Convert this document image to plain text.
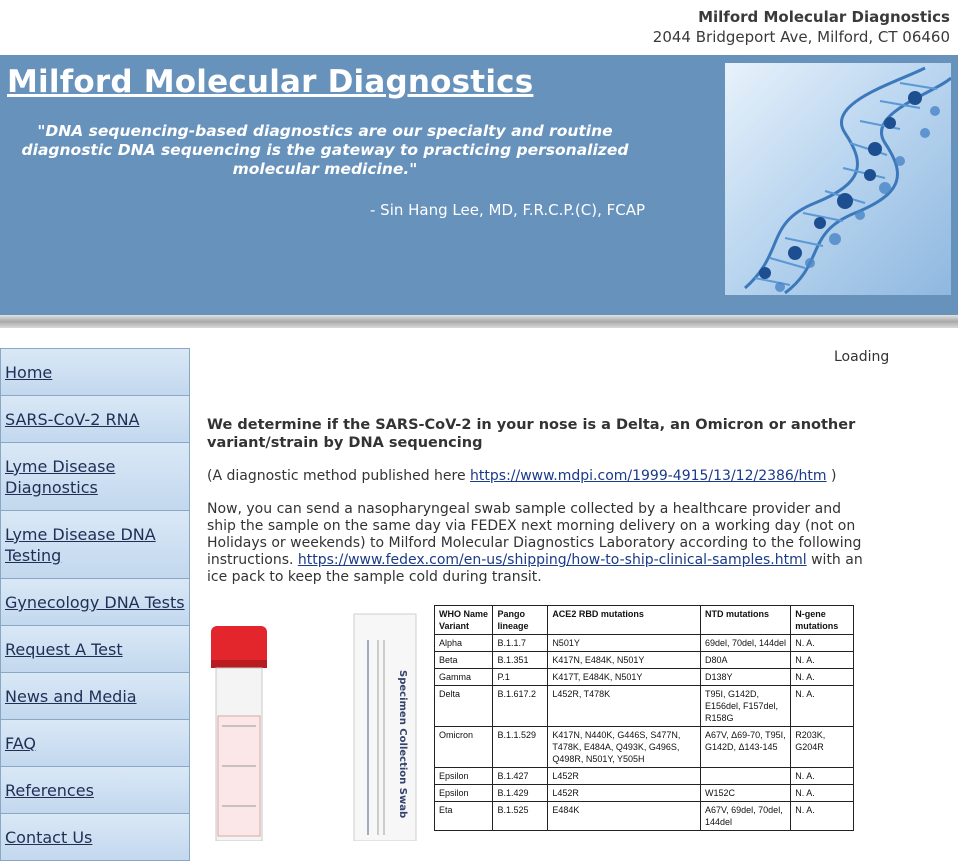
Milford Molecular Diagnostics
2044 Bridgeport Ave, Milford, CT 06460
Milford Molecular Diagnostics
"DNA sequencing-based diagnostics are our specialty and routine diagnostic DNA sequencing is the gateway to practicing personalized molecular medicine."
- Sin Hang Lee, MD, F.R.C.P.(C), FCAP
Home
SARS-CoV-2 RNA
Lyme Disease Diagnostics
Lyme Disease DNA Testing
Gynecology DNA Tests
Request A Test
News and Media
FAQ
References
Contact Us
Loading
We determine if the SARS-CoV-2 in your nose is a Delta, an Omicron or another variant/strain by DNA sequencing

(A diagnostic method published here https://www.mdpi.com/1999-4915/13/12/2386/htm )

Now, you can send a nasopharyngeal swab sample collected by a healthcare provider and ship the sample on the same day via FEDEX next morning delivery on a working day (not on Holidays or weekends) to Milford Molecular Diagnostics Laboratory according to the following instructions. https://www.fedex.com/en-us/shipping/how-to-ship-clinical-samples.html with an ice pack to keep the sample cold during transit.

Specimen Collection Swab
WHO Name Variant	Pango lineage	ACE2 RBD mutations	NTD mutations	N-gene mutations
Alpha	B.1.1.7	N501Y	69del, 70del, 144del	N. A.
Beta	B.1.351	K417N, E484K, N501Y	D80A	N. A.
Gamma	P.1	K417T, E484K, N501Y	D138Y	N. A.
Delta	B.1.617.2	L452R, T478K	T95I, G142D, E156del, F157del, R158G	N. A.
Omicron	B.1.1.529	K417N, N440K, G446S, S477N, T478K, E484A, Q493K, G496S, Q498R, N501Y, Y505H	A67V, Δ69-70, T95I, G142D, Δ143-145	R203K, G204R
Epsilon	B.1.427	L452R		N. A.
Epsilon	B.1.429	L452R	W152C	N. A.
Eta	B.1.525	E484K	A67V, 69del, 70del, 144del	N. A.
